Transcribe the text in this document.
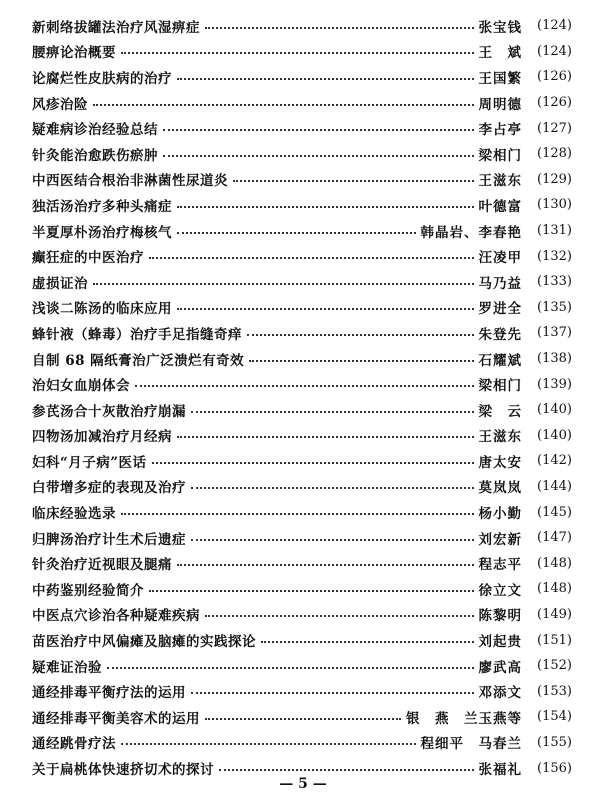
新刺络拔罐法治疗风湿痹症	张宝钱	(124)
腰痹论治概要	王　斌	(124)
论腐烂性皮肤病的治疗	王国繁	(126)
风疹治险	周明德	(126)
疑难病诊治经验总结	李占亭	(127)
针灸能治愈跌伤瘀肿	梁相门	(128)
中西医结合根治非淋菌性尿道炎	王滋东	(129)
独活汤治疗多种头痛症	叶德富	(130)
半夏厚朴汤治疗梅核气	韩晶岩、李春艳	(131)
癫狂症的中医治疗	汪凌甲	(132)
虚损证治	马乃益	(133)
浅谈二陈汤的临床应用	罗进全	(135)
蜂针液（蜂毒）治疗手足指缝奇痒	朱登先	(137)
自制 68 隔纸膏治广泛溃烂有奇效	石耀斌	(138)
治妇女血崩体会	梁相门	(139)
参芪汤合十灰散治疗崩漏	梁　云	(140)
四物汤加减治疗月经病	王滋东	(140)
妇科“月子病”医话	唐太安	(142)
白带增多症的表现及治疗	莫岚岚	(144)
临床经验选录	杨小勤	(145)
归脾汤治疗计生术后遗症	刘宏新	(147)
针灸治疗近视眼及腿痛	程志平	(148)
中药鉴别经验简介	徐立文	(148)
中医点穴诊治各种疑难疾病	陈黎明	(149)
苗医治疗中风偏瘫及脑瘫的实践探论	刘起贵	(151)
疑难证治验	廖武高	(152)
通经排毒平衡疗法的运用	邓添文	(153)
通经排毒平衡美容术的运用	银　燕　兰玉燕等	(154)
通经跳骨疗法	程细平　马春兰	(155)
关于扁桃体快速挤切术的探讨	张福礼	(156)
— 5 —
